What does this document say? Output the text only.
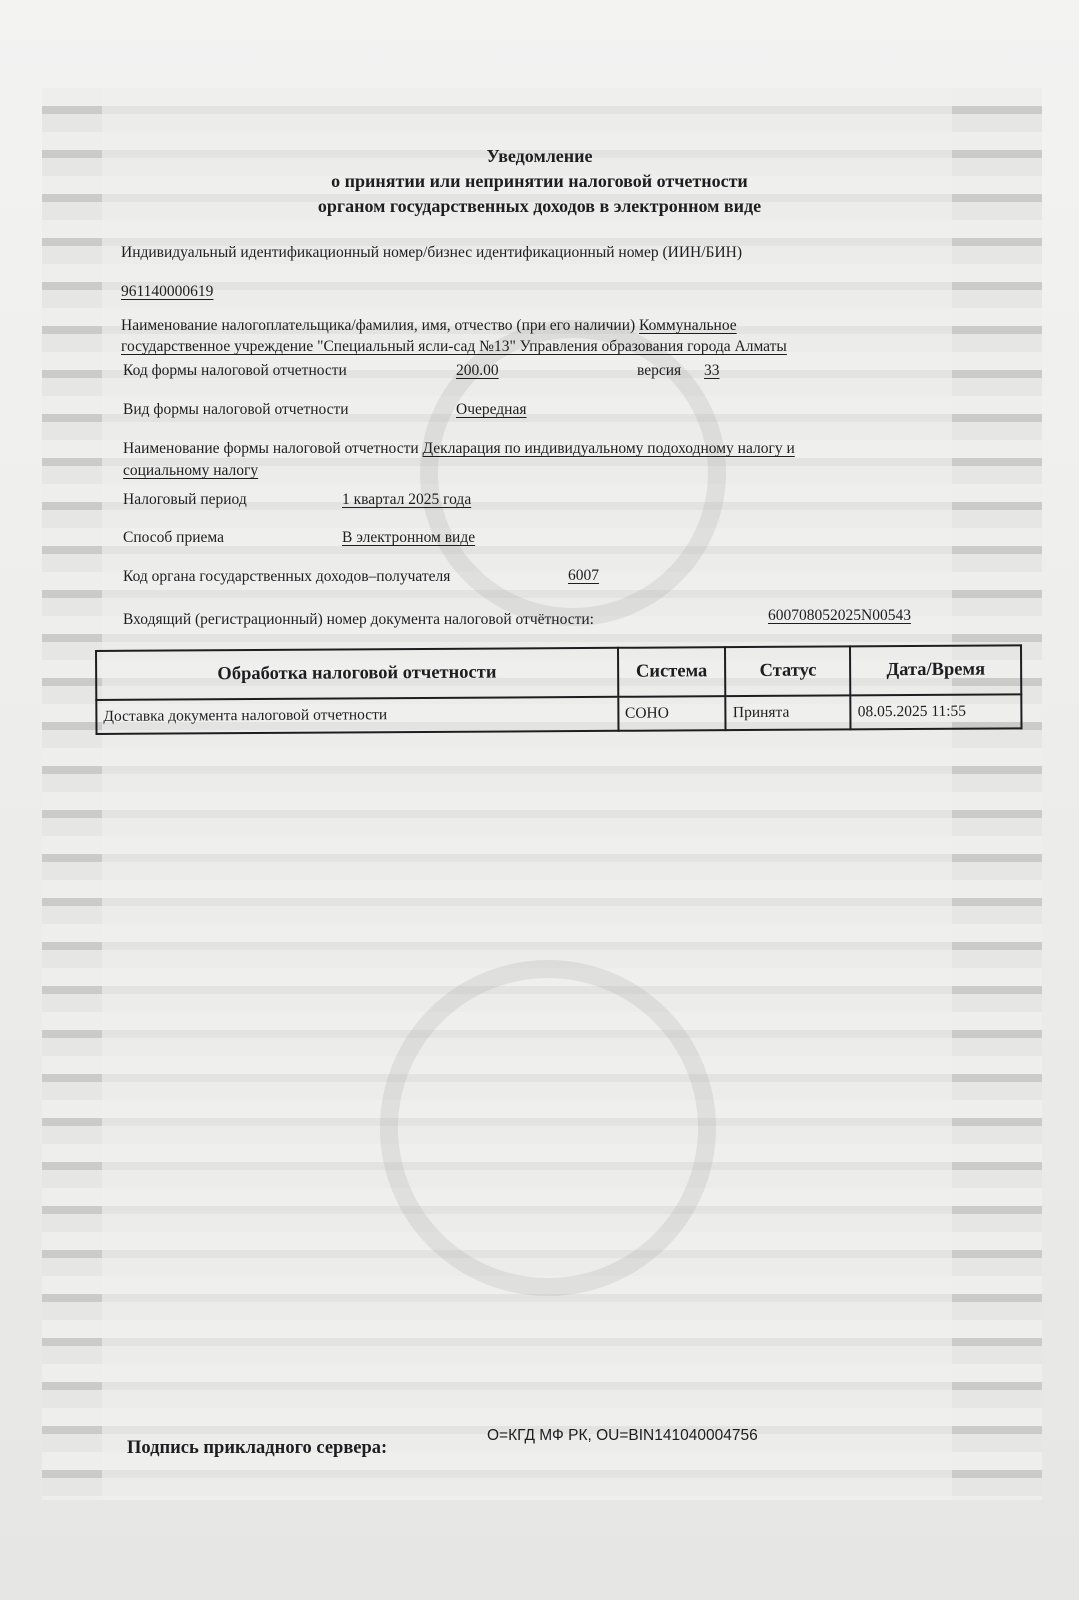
Уведомление
о принятии или непринятии налоговой отчетности
органом государственных доходов в электронном виде
Индивидуальный идентификационный номер/бизнес идентификационный номер (ИИН/БИН)
961140000619
Наименование налогоплательщика/фамилия, имя, отчество (при его наличии) Коммунальное
государственное учреждение "Специальный ясли-сад №13" Управления образования города Алматы
Код формы налоговой отчетности	200.00	версия 33
Вид формы налоговой отчетности	Очередная
Наименование формы налоговой отчетности Декларация по индивидуальному подоходному налогу и
социальному налогу
Налоговый период	1 квартал 2025 года
Способ приема	В электронном виде
Код органа государственных доходов–получателя	6007
Входящий (регистрационный) номер документа налоговой отчётности:	600708052025N00543
Обработка налоговой отчетности	Система	Статус	Дата/Время
Доставка документа налоговой отчетности	СОНО	Принята	08.05.2025 11:55
Подпись прикладного сервера:
O=КГД МФ РК, OU=BIN141040004756
